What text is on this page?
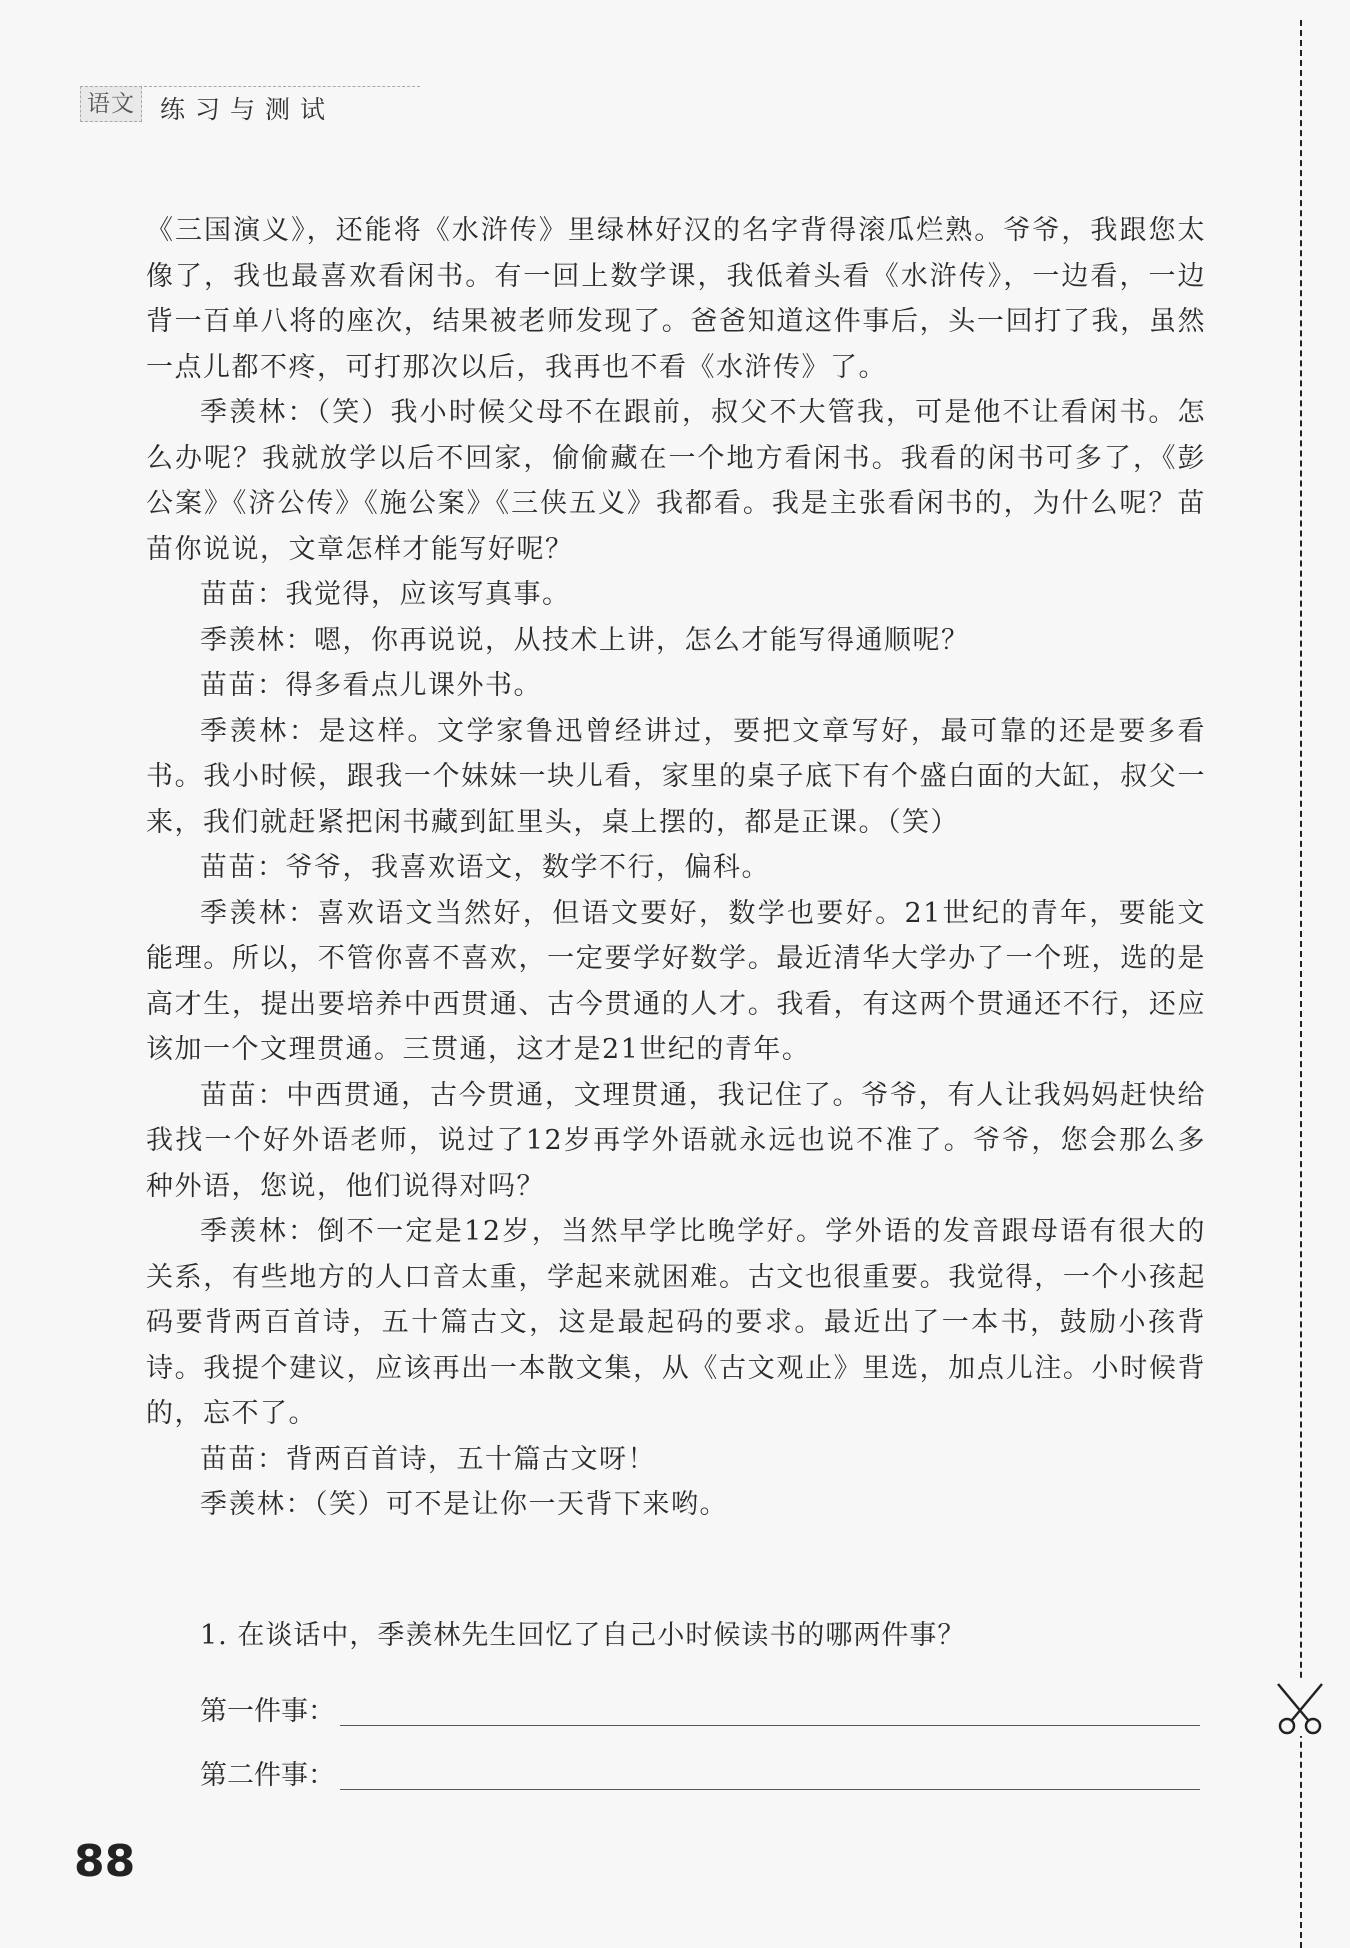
语文 练习与测试

《三国演义》，还能将《水浒传》里绿林好汉的名字背得滚瓜烂熟。爷爷，我跟您太像了，我也最喜欢看闲书。有一回上数学课，我低着头看《水浒传》，一边看，一边背一百单八将的座次，结果被老师发现了。爸爸知道这件事后，头一回打了我，虽然一点儿都不疼，可打那次以后，我再也不看《水浒传》了。

季羡林：（笑）我小时候父母不在跟前，叔父不大管我，可是他不让看闲书。怎么办呢？我就放学以后不回家，偷偷藏在一个地方看闲书。我看的闲书可多了，《彭公案》《济公传》《施公案》《三侠五义》我都看。我是主张看闲书的，为什么呢？苗苗你说说，文章怎样才能写好呢？

苗苗：我觉得，应该写真事。

季羡林：嗯，你再说说，从技术上讲，怎么才能写得通顺呢？

苗苗：得多看点儿课外书。

季羡林：是这样。文学家鲁迅曾经讲过，要把文章写好，最可靠的还是要多看书。我小时候，跟我一个妹妹一块儿看，家里的桌子底下有个盛白面的大缸，叔父一来，我们就赶紧把闲书藏到缸里头，桌上摆的，都是正课。（笑）

苗苗：爷爷，我喜欢语文，数学不行，偏科。

季羡林：喜欢语文当然好，但语文要好，数学也要好。21世纪的青年，要能文能理。所以，不管你喜不喜欢，一定要学好数学。最近清华大学办了一个班，选的是高才生，提出要培养中西贯通、古今贯通的人才。我看，有这两个贯通还不行，还应该加一个文理贯通。三贯通，这才是21世纪的青年。

苗苗：中西贯通，古今贯通，文理贯通，我记住了。爷爷，有人让我妈妈赶快给我找一个好外语老师，说过了12岁再学外语就永远也说不准了。爷爷，您会那么多种外语，您说，他们说得对吗？

季羡林：倒不一定是12岁，当然早学比晚学好。学外语的发音跟母语有很大的关系，有些地方的人口音太重，学起来就困难。古文也很重要。我觉得，一个小孩起码要背两百首诗，五十篇古文，这是最起码的要求。最近出了一本书，鼓励小孩背诗。我提个建议，应该再出一本散文集，从《古文观止》里选，加点儿注。小时候背的，忘不了。

苗苗：背两百首诗，五十篇古文呀！

季羡林：（笑）可不是让你一天背下来哟。

1. 在谈话中，季羡林先生回忆了自己小时候读书的哪两件事？
第一件事：
第二件事：
88
